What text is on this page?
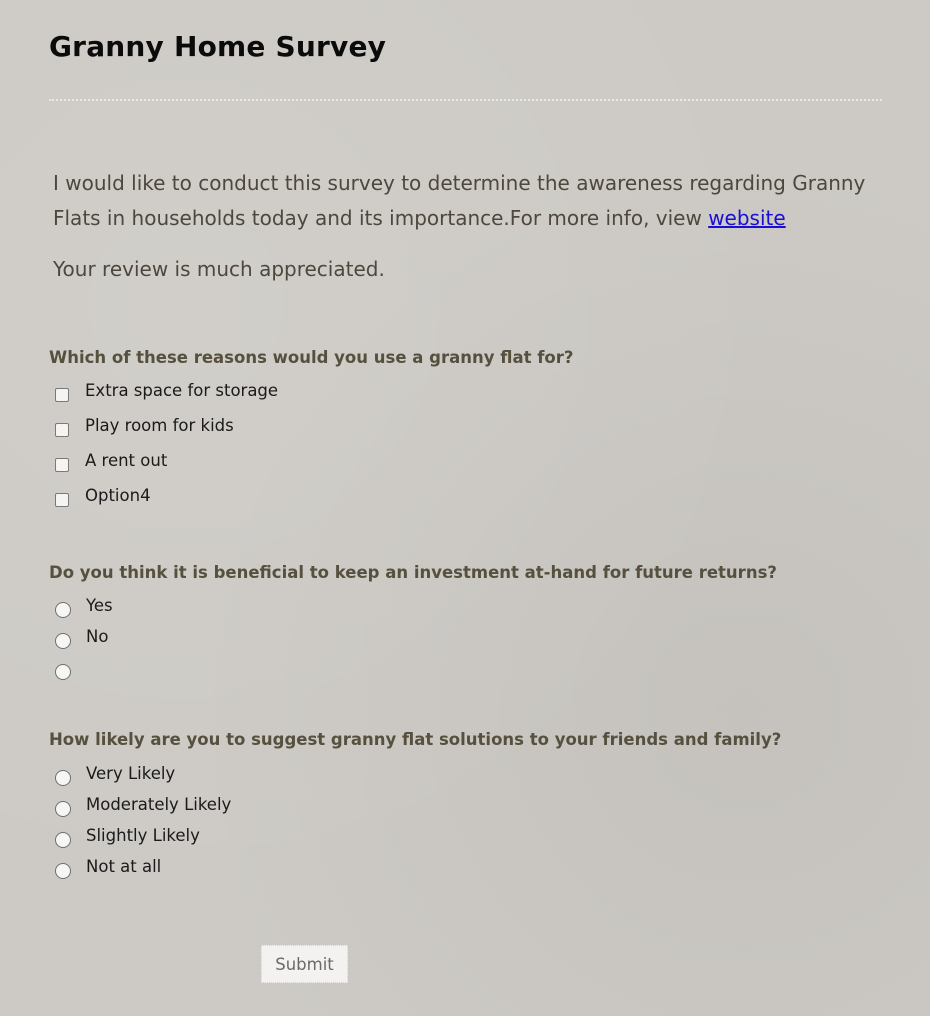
Granny Home Survey

I would like to conduct this survey to determine the awareness regarding Granny Flats in households today and its importance.For more info, view website

Your review is much appreciated.

Which of these reasons would you use a granny flat for?

Extra space for storage
Play room for kids
A rent out
Option4

Do you think it is beneficial to keep an investment at-hand for future returns?

Yes
No

How likely are you to suggest granny flat solutions to your friends and family?

Very Likely
Moderately Likely
Slightly Likely
Not at all
Submit
